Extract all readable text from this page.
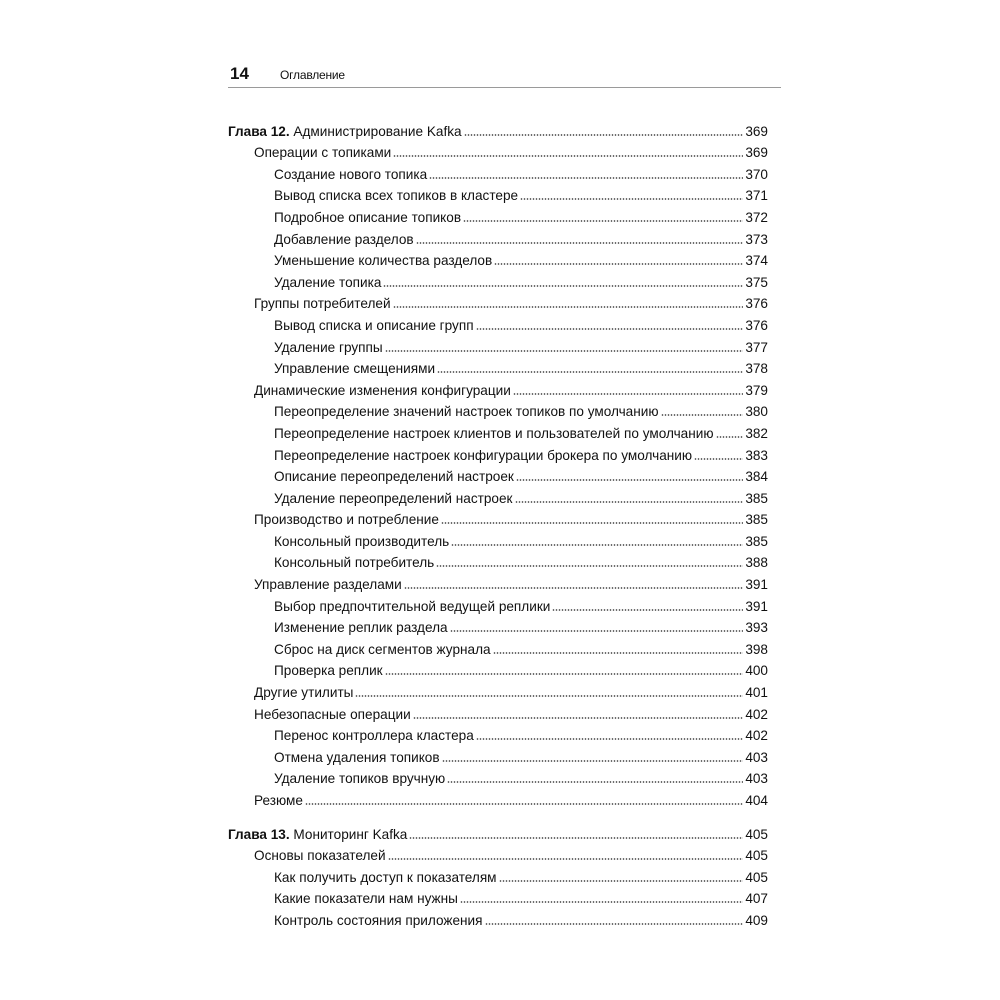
14	Оглавление
Глава 12. Администрирование Kafka	369
Операции с топиками	369
Создание нового топика	370
Вывод списка всех топиков в кластере	371
Подробное описание топиков	372
Добавление разделов	373
Уменьшение количества разделов	374
Удаление топика	375
Группы потребителей	376
Вывод списка и описание групп	376
Удаление группы	377
Управление смещениями	378
Динамические изменения конфигурации	379
Переопределение значений настроек топиков по умолчанию	380
Переопределение настроек клиентов и пользователей по умолчанию 382
Переопределение настроек конфигурации брокера по умолчанию	383
Описание переопределений настроек	384
Удаление переопределений настроек	385
Производство и потребление	385
Консольный производитель	385
Консольный потребитель	388
Управление разделами	391
Выбор предпочтительной ведущей реплики	391
Изменение реплик раздела	393
Сброс на диск сегментов журнала	398
Проверка реплик	400
Другие утилиты	401
Небезопасные операции	402
Перенос контроллера кластера	402
Отмена удаления топиков	403
Удаление топиков вручную	403
Резюме	404
Глава 13. Мониторинг Kafka	405
Основы показателей	405
Как получить доступ к показателям	405
Какие показатели нам нужны	407
Контроль состояния приложения	409
